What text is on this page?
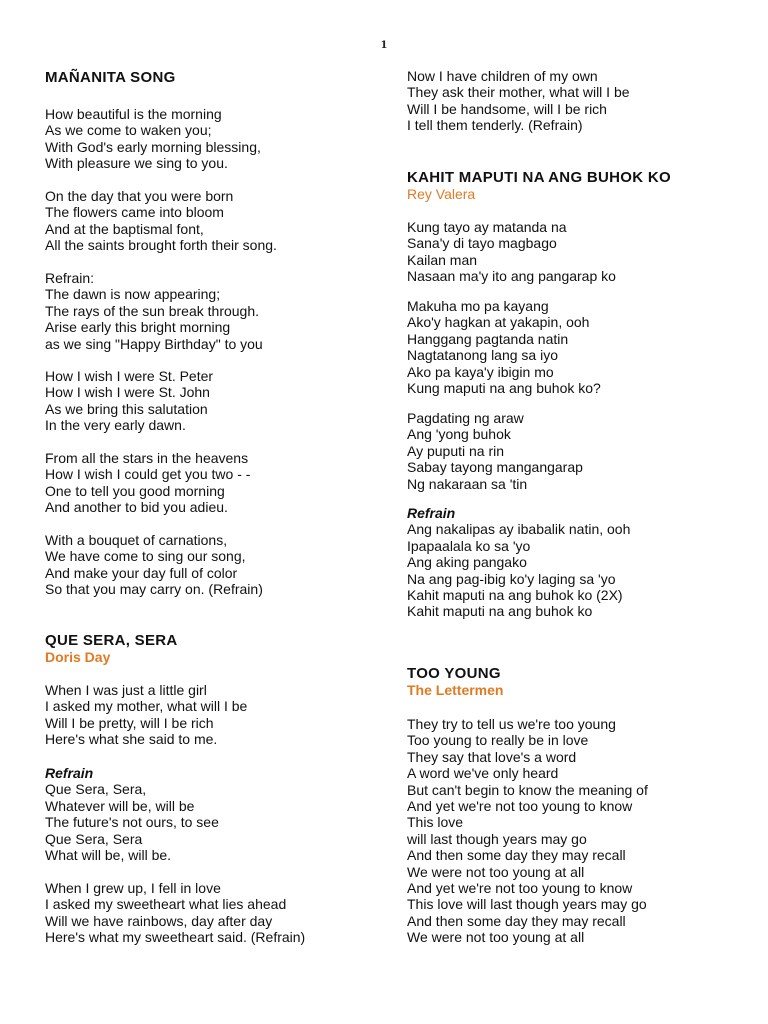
1
MAÑANITA SONG
How beautiful is the morning
As we come to waken you;
With God's early morning blessing,
With pleasure we sing to you.
On the day that you were born
The flowers came into bloom
And at the baptismal font,
All the saints brought forth their song.
Refrain:
The dawn is now appearing;
The rays of the sun break through.
Arise early this bright morning
as we sing "Happy Birthday" to you
How I wish I were St. Peter
How I wish I were St. John
As we bring this salutation
In the very early dawn.
From all the stars in the heavens
How I wish I could get you two - -
One to tell you good morning
And another to bid you adieu.
With a bouquet of carnations,
We have come to sing our song,
And make your day full of color
So that you may carry on. (Refrain)
QUE SERA, SERA

Doris Day

When I was just a little girl
I asked my mother, what will I be
Will I be pretty, will I be rich
Here's what she said to me.
Refrain
Que Sera, Sera,
Whatever will be, will be
The future's not ours, to see
Que Sera, Sera
What will be, will be.
When I grew up, I fell in love
I asked my sweetheart what lies ahead
Will we have rainbows, day after day
Here's what my sweetheart said. (Refrain)
Now I have children of my own
They ask their mother, what will I be
Will I be handsome, will I be rich
I tell them tenderly. (Refrain)
KAHIT MAPUTI NA ANG BUHOK KO

Rey Valera

Kung tayo ay matanda na
Sana'y di tayo magbago
Kailan man
Nasaan ma'y ito ang pangarap ko
Makuha mo pa kayang
Ako'y hagkan at yakapin, ooh
Hanggang pagtanda natin
Nagtatanong lang sa iyo
Ako pa kaya'y ibigin mo
Kung maputi na ang buhok ko?
Pagdating ng araw
Ang 'yong buhok
Ay puputi na rin
Sabay tayong mangangarap
Ng nakaraan sa 'tin
Refrain
Ang nakalipas ay ibabalik natin, ooh
Ipapaalala ko sa 'yo
Ang aking pangako
Na ang pag-ibig ko'y laging sa 'yo
Kahit maputi na ang buhok ko (2X)
Kahit maputi na ang buhok ko
TOO YOUNG

The Lettermen

They try to tell us we're too young
Too young to really be in love
They say that love's a word
A word we've only heard
But can't begin to know the meaning of
And yet we're not too young to know
This love
will last though years may go
And then some day they may recall
We were not too young at all
And yet we're not too young to know
This love will last though years may go
And then some day they may recall
We were not too young at all
